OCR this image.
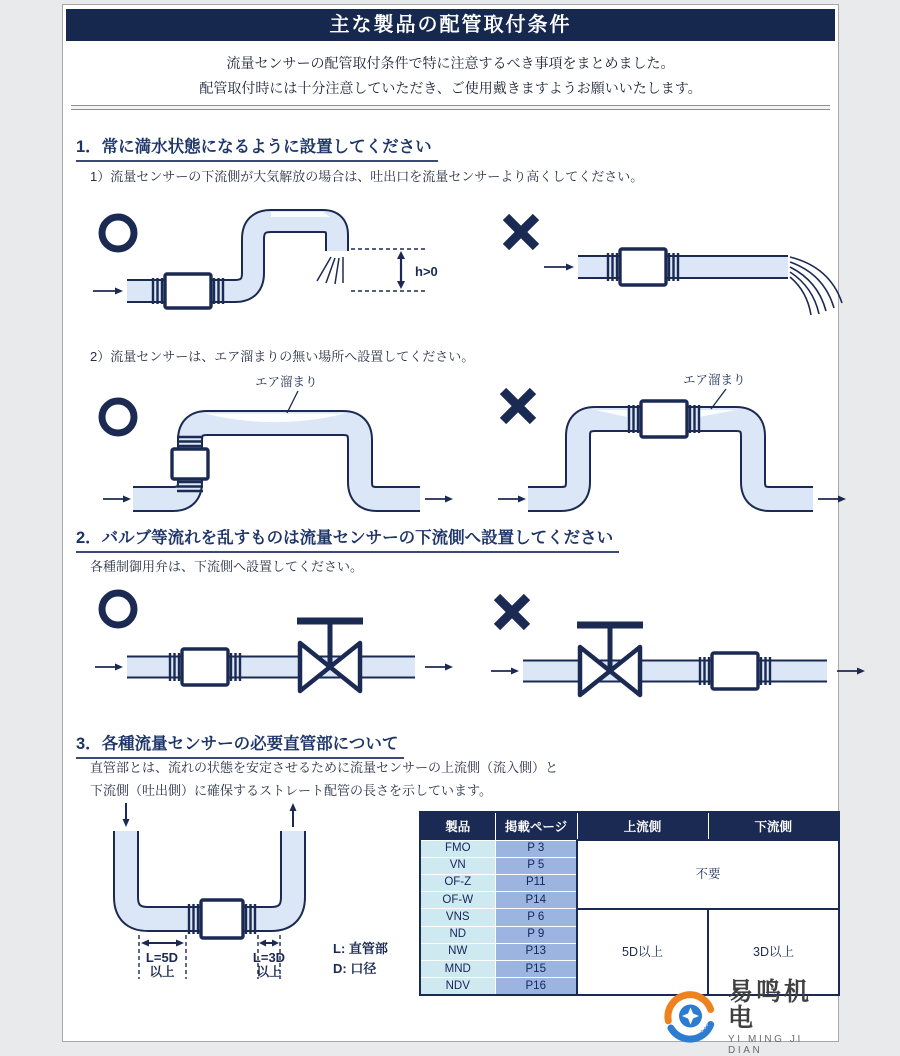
主な製品の配管取付条件
流量センサーの配管取付条件で特に注意するべき事項をまとめました。
配管取付時には十分注意していただき、ご使用戴きますようお願いいたします。
1．常に満水状態になるように設置してください
1）流量センサーの下流側が大気解放の場合は、吐出口を流量センサーより高くしてください。
h>0
2）流量センサーは、エア溜まりの無い場所へ設置してください。
エア溜まり	エア溜まり
2．バルブ等流れを乱すものは流量センサーの下流側へ設置してください
各種制御用弁は、下流側へ設置してください。
3．各種流量センサーの必要直管部について
直管部とは、流れの状態を安定させるために流量センサーの上流側（流入側）と
下流側（吐出側）に確保するストレート配管の長さを示しています。
L=5D
以上
L=3D
以上
L: 直管部
D: 口径
製品	掲載ページ	上流側	下流側
FMO	P 3	不要	
VN	P 5		
OF-Z	P11		
OF-W	P14		
VNS	P 6	5D以上	3D以上
ND	P 9		
NW	P13		
MND	P15		
NDV	P16			易鸣机电
YI MING JI DIAN
